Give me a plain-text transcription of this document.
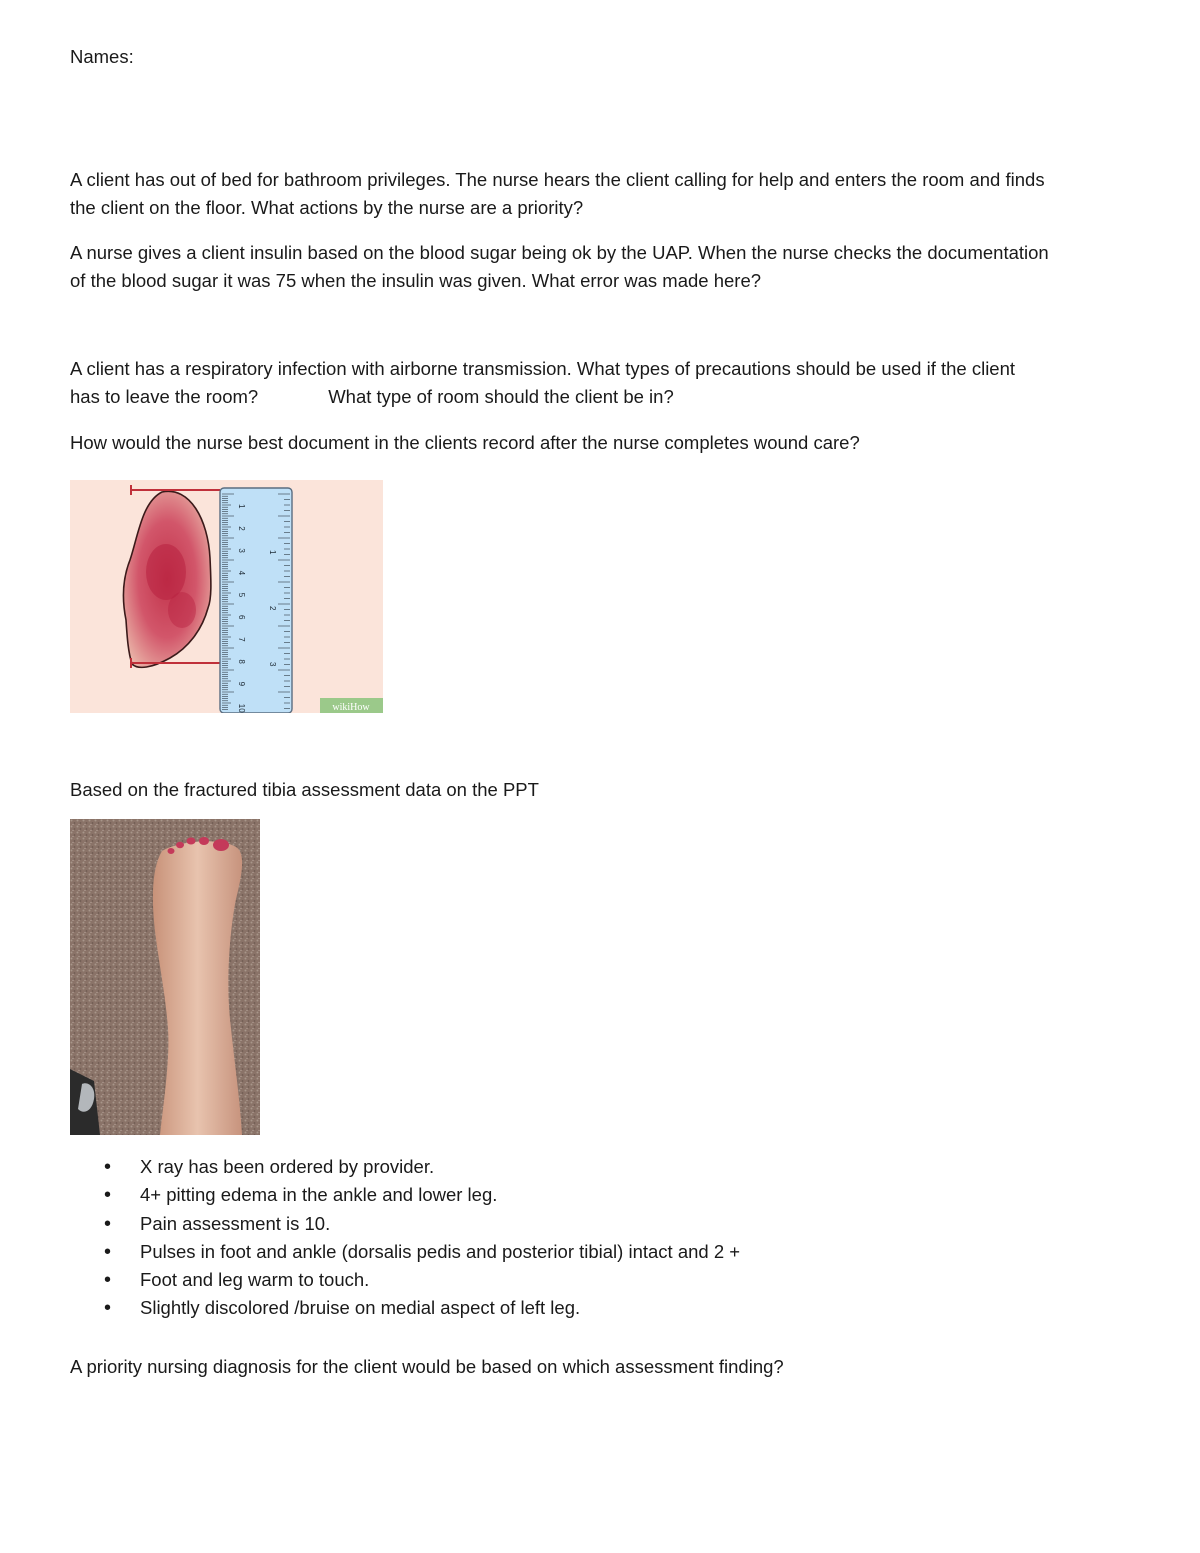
Names:

A client has out of bed for bathroom privileges. The nurse hears the client calling for help and enters the room and finds

the client on the floor. What actions by the nurse are a priority?

A nurse gives a client insulin based on the blood sugar being ok by the UAP. When the nurse checks the documentation

of the blood sugar it was 75 when the insulin was given. What error was made here?

A client has a respiratory infection with airborne transmission. What types of precautions should be used if the client

has to leave the room?	What type of room should the client be in?

How would the nurse best document in the clients record after the nurse completes wound care?

1
2
3
4
5
6
7
8
9
10
1
2
3
wikiHow

Based on the fractured tibia assessment data on the PPT

• X ray has been ordered by provider.
• 4+ pitting edema in the ankle and lower leg.
• Pain assessment is 10.
• Pulses in foot and ankle (dorsalis pedis and posterior tibial) intact and 2 +
• Foot and leg warm to touch.
• Slightly discolored /bruise on medial aspect of left leg.

A priority nursing diagnosis for the client would be based on which assessment finding?
